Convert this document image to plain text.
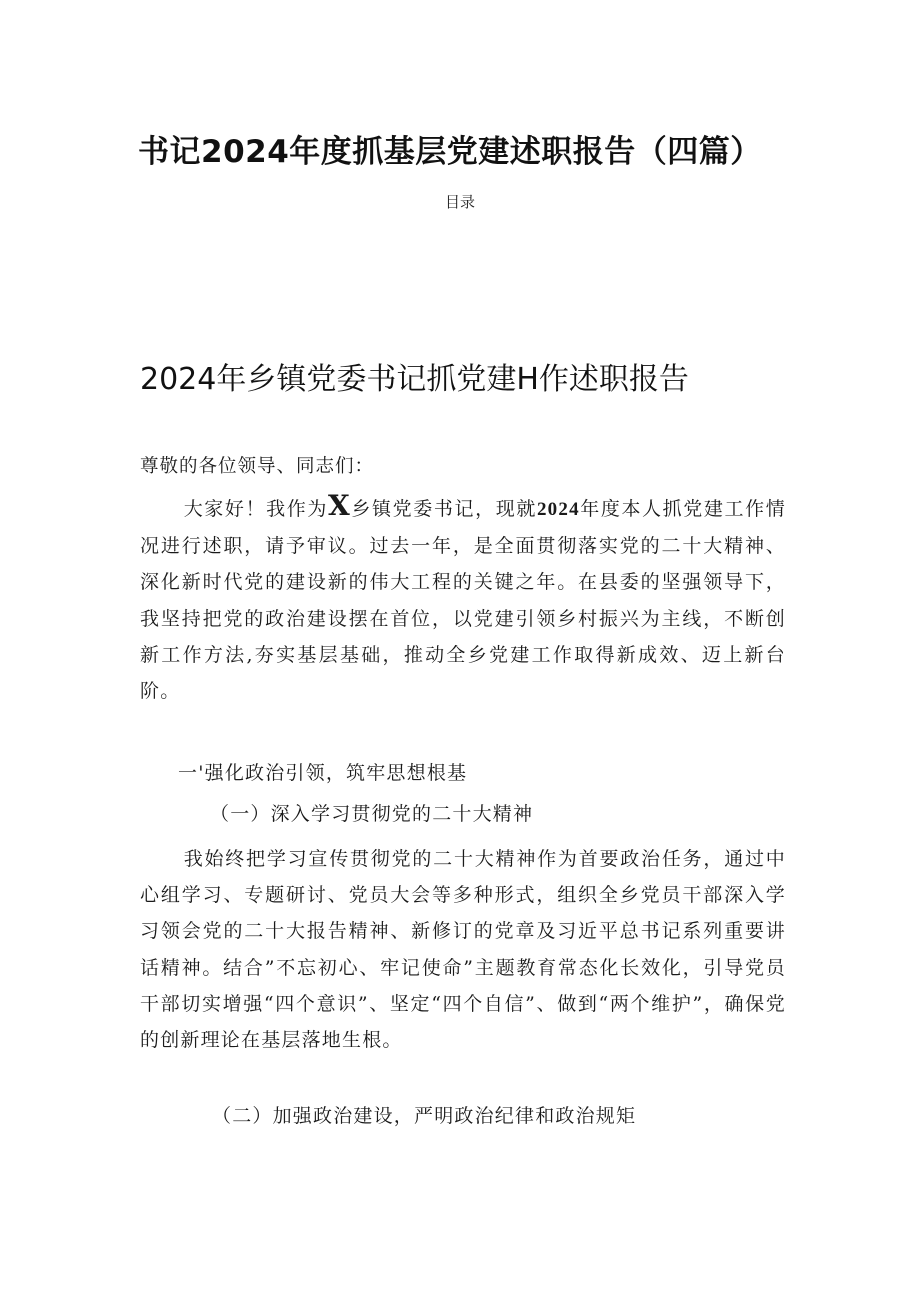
书记2024年度抓基层党建述职报告（四篇）
目录
2024年乡镇党委书记抓党建H作述职报告
尊敬的各位领导、同志们：

大家好！我作为X乡镇党委书记，现就2024年度本人抓党建工作情况进行述职，请予审议。过去一年，是全面贯彻落实党的二十大精神、深化新时代党的建设新的伟大工程的关键之年。在县委的坚强领导下，我坚持把党的政治建设摆在首位，以党建引领乡村振兴为主线，不断创新工作方法,夯实基层基础，推动全乡党建工作取得新成效、迈上新台阶。

一'强化政治引领，筑牢思想根基
（一）深入学习贯彻党的二十大精神

我始终把学习宣传贯彻党的二十大精神作为首要政治任务，通过中心组学习、专题研讨、党员大会等多种形式，组织全乡党员干部深入学习领会党的二十大报告精神、新修订的党章及习近平总书记系列重要讲话精神。结合”不忘初心、牢记使命”主题教育常态化长效化，引导党员干部切实增强“四个意识”、坚定“四个自信”、做到“两个维护”，确保党的创新理论在基层落地生根。

（二）加强政治建设，严明政治纪律和政治规矩
